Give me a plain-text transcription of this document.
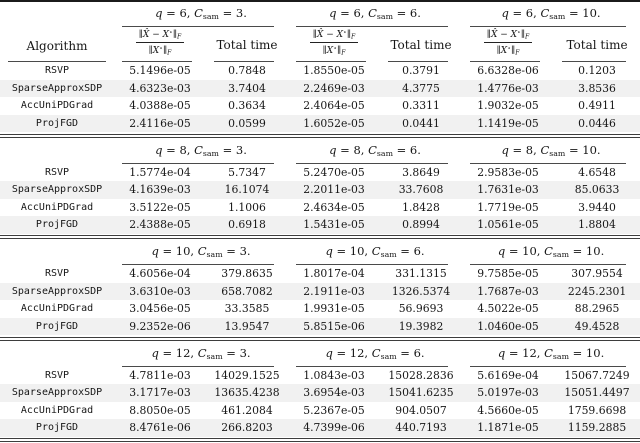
	q = 6, $C_{sam} = 3$.		q = 6, $C_{sam} = 6$.		q = 6, $C_{sam} = 10$.	

Algorithm	$\frac{\parallel X̂ - X^⋆\parallel_F}{\parallel X^⋆\parallel_F}$	Total time	$\frac{\parallel X̂ - X^⋆\parallel_F}{\parallel X^⋆\parallel_F}$	Total time	$\frac{\parallel X̂ - X^⋆\parallel_F}{\parallel X^⋆\parallel_F}$	Total time

RSVP	5.1496e-05	0.7848	1.8550e-05	0.3791	6.6328e-06	0.1203
SparseApproxSDP	4.6323e-03	3.7404	2.2469e-03	4.3775	1.4776e-03	3.8536
AccUniPDGrad	4.0388e-05	0.3634	2.4064e-05	0.3311	1.9032e-05	0.4911
ProjFGD	2.4116e-05	0.0599	1.6052e-05	0.0441	1.1419e-05	0.0446

	q = 8, $C_{sam} = 3$.		q = 8, $C_{sam} = 6$.		q = 8, $C_{sam} = 10$.	

RSVP	1.5774e-04	5.7347	5.2470e-05	3.8649	2.9583e-05	4.6548
SparseApproxSDP	4.1639e-03	16.1074	2.2011e-03	33.7608	1.7631e-03	85.0633
AccUniPDGrad	3.5122e-05	1.1006	2.4634e-05	1.8428	1.7719e-05	3.9440
ProjFGD	2.4388e-05	0.6918	1.5431e-05	0.8994	1.0561e-05	1.8804

	q = 10, $C_{sam} = 3$.		q = 10, $C_{sam} = 6$.		q = 10, $C_{sam} = 10$.	

RSVP	4.6056e-04	379.8635	1.8017e-04	331.1315	9.7585e-05	307.9554
SparseApproxSDP	3.6310e-03	658.7082	2.1911e-03	1326.5374	1.7687e-03	2245.2301
AccUniPDGrad	3.0456e-05	33.3585	1.9931e-05	56.9693	4.5022e-05	88.2965
ProjFGD	9.2352e-06	13.9547	5.8515e-06	19.3982	1.0460e-05	49.4528

	q = 12, $C_{sam} = 3$.		q = 12, $C_{sam} = 6$.		q = 12, $C_{sam} = 10$.	

RSVP	4.7811e-03	14029.1525	1.0843e-03	15028.2836	5.6169e-04	15067.7249
SparseApproxSDP	3.1717e-03	13635.4238	3.6954e-03	15041.6235	5.0197e-03	15051.4497
AccUniPDGrad	8.8050e-05	461.2084	5.2367e-05	904.0507	4.5660e-05	1759.6698
ProjFGD	8.4761e-06	266.8203	4.7399e-06	440.7193	1.1871e-05	1159.2885
